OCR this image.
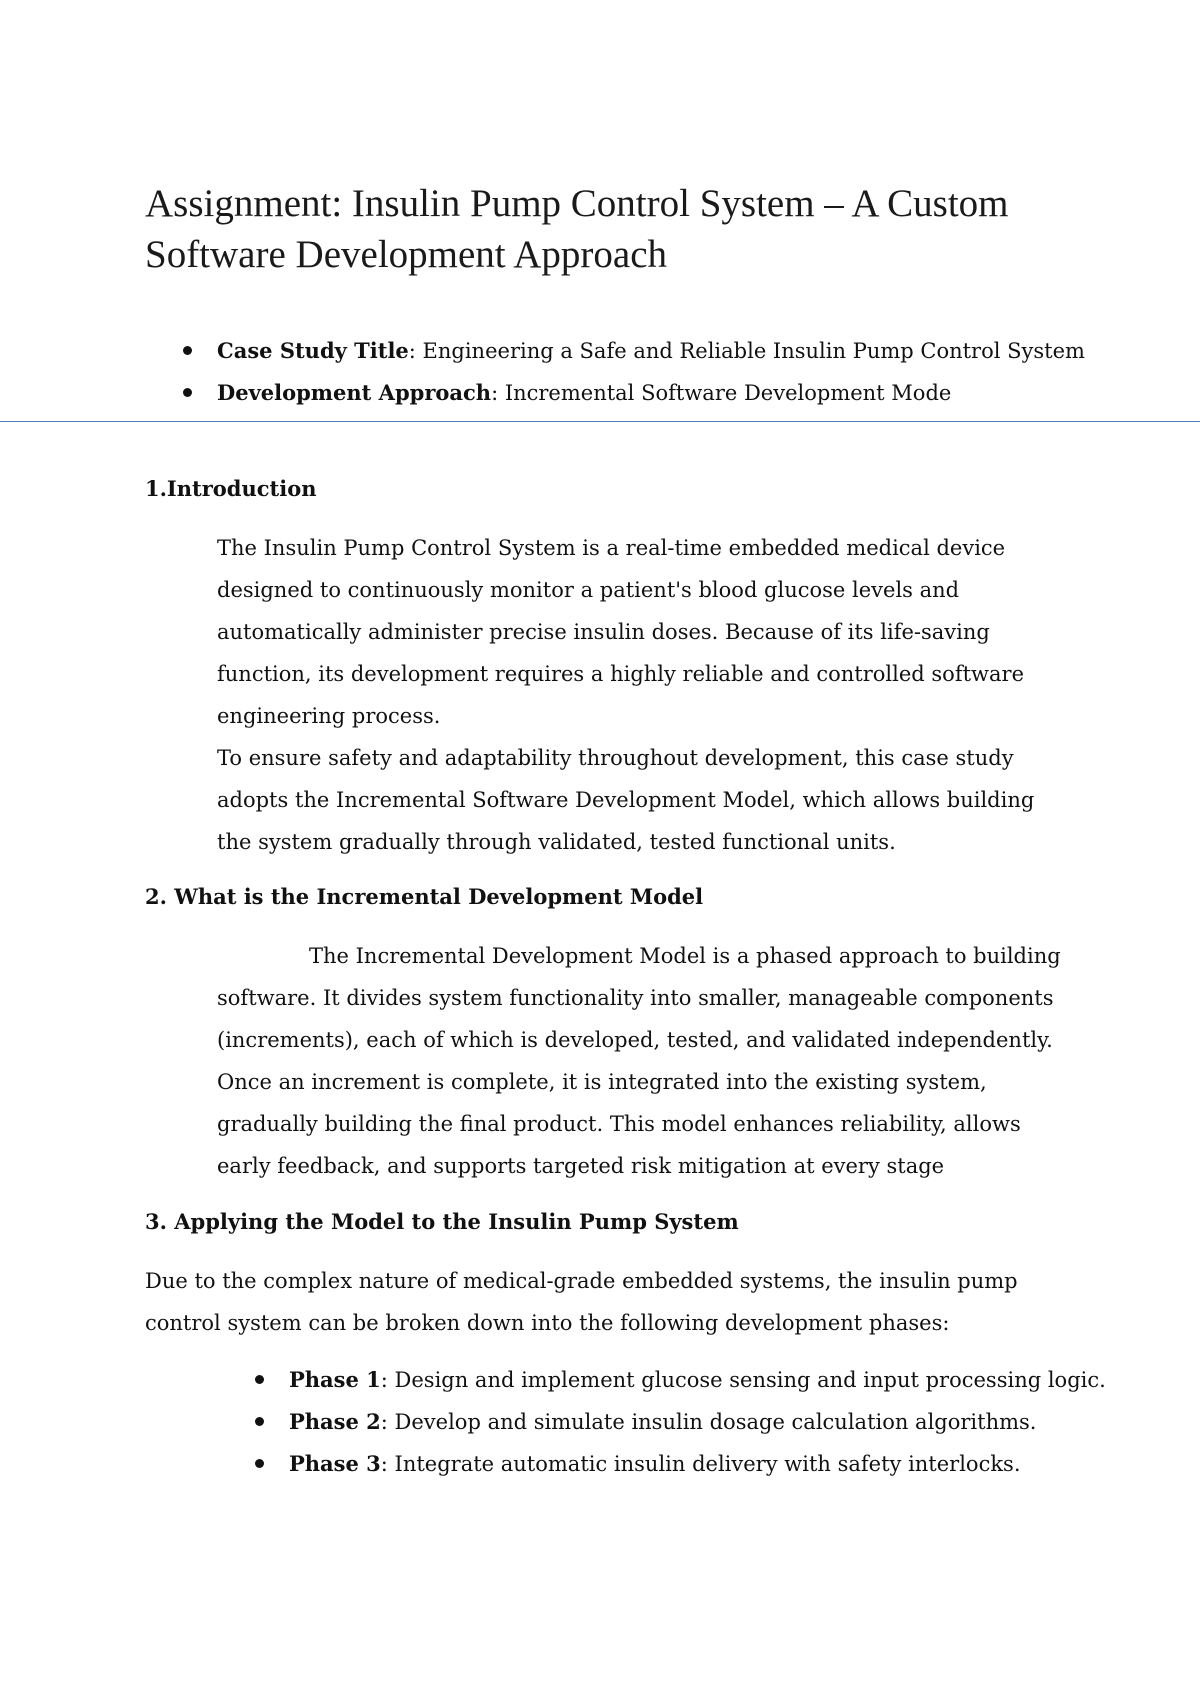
Assignment: Insulin Pump Control System – A Custom Software Development Approach
Case Study Title: Engineering a Safe and Reliable Insulin Pump Control System
Development Approach: Incremental Software Development Mode
1.Introduction

The Insulin Pump Control System is a real-time embedded medical device designed to continuously monitor a patient's blood glucose levels and automatically administer precise insulin doses. Because of its life-saving function, its development requires a highly reliable and controlled software engineering process.

To ensure safety and adaptability throughout development, this case study adopts the Incremental Software Development Model, which allows building the system gradually through validated, tested functional units.

2. What is the Incremental Development Model

The Incremental Development Model is a phased approach to building software. It divides system functionality into smaller, manageable components (increments), each of which is developed, tested, and validated independently. Once an increment is complete, it is integrated into the existing system, gradually building the final product. This model enhances reliability, allows early feedback, and supports targeted risk mitigation at every stage

3. Applying the Model to the Insulin Pump System

Due to the complex nature of medical-grade embedded systems, the insulin pump control system can be broken down into the following development phases:

Phase 1: Design and implement glucose sensing and input processing logic.
Phase 2: Develop and simulate insulin dosage calculation algorithms.
Phase 3: Integrate automatic insulin delivery with safety interlocks.
